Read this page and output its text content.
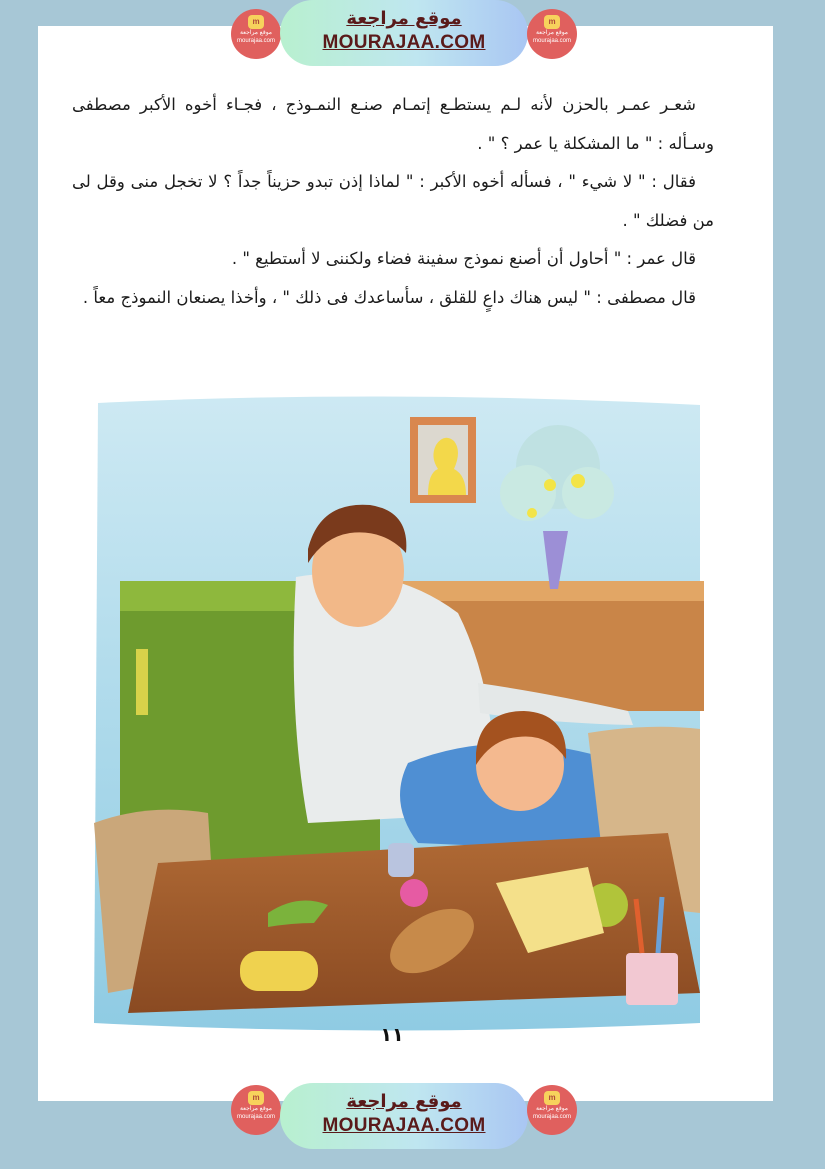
m
موقع مراجعة
mourajaa.com
موقع مراجعة
MOURAJAA.COM
m
موقع مراجعة
mourajaa.com

شعـر عمـر بالحزن لأنه لـم يستطـع إتمـام صنـع النمـوذج ، فجـاء أخوه الأكبر مصطفى وسـأله : " ما المشكلة يا عمر ؟ " .

فقال : " لا شيء " ، فسأله أخوه الأكبر : " لماذا إذن تبدو حزيناً جداً ؟ لا تخجل منى وقل لى من فضلك " .

قال عمر : " أحاول أن أصنع نموذج سفينة فضاء ولكننى لا أستطيع " .

قال مصطفى : " ليس هناك داعٍ للقلق ، سأساعدك فى ذلك " ، وأخذا يصنعان النموذج معاً .

١١
m
موقع مراجعة
mourajaa.com
موقع مراجعة
MOURAJAA.COM
m
موقع مراجعة
mourajaa.com
